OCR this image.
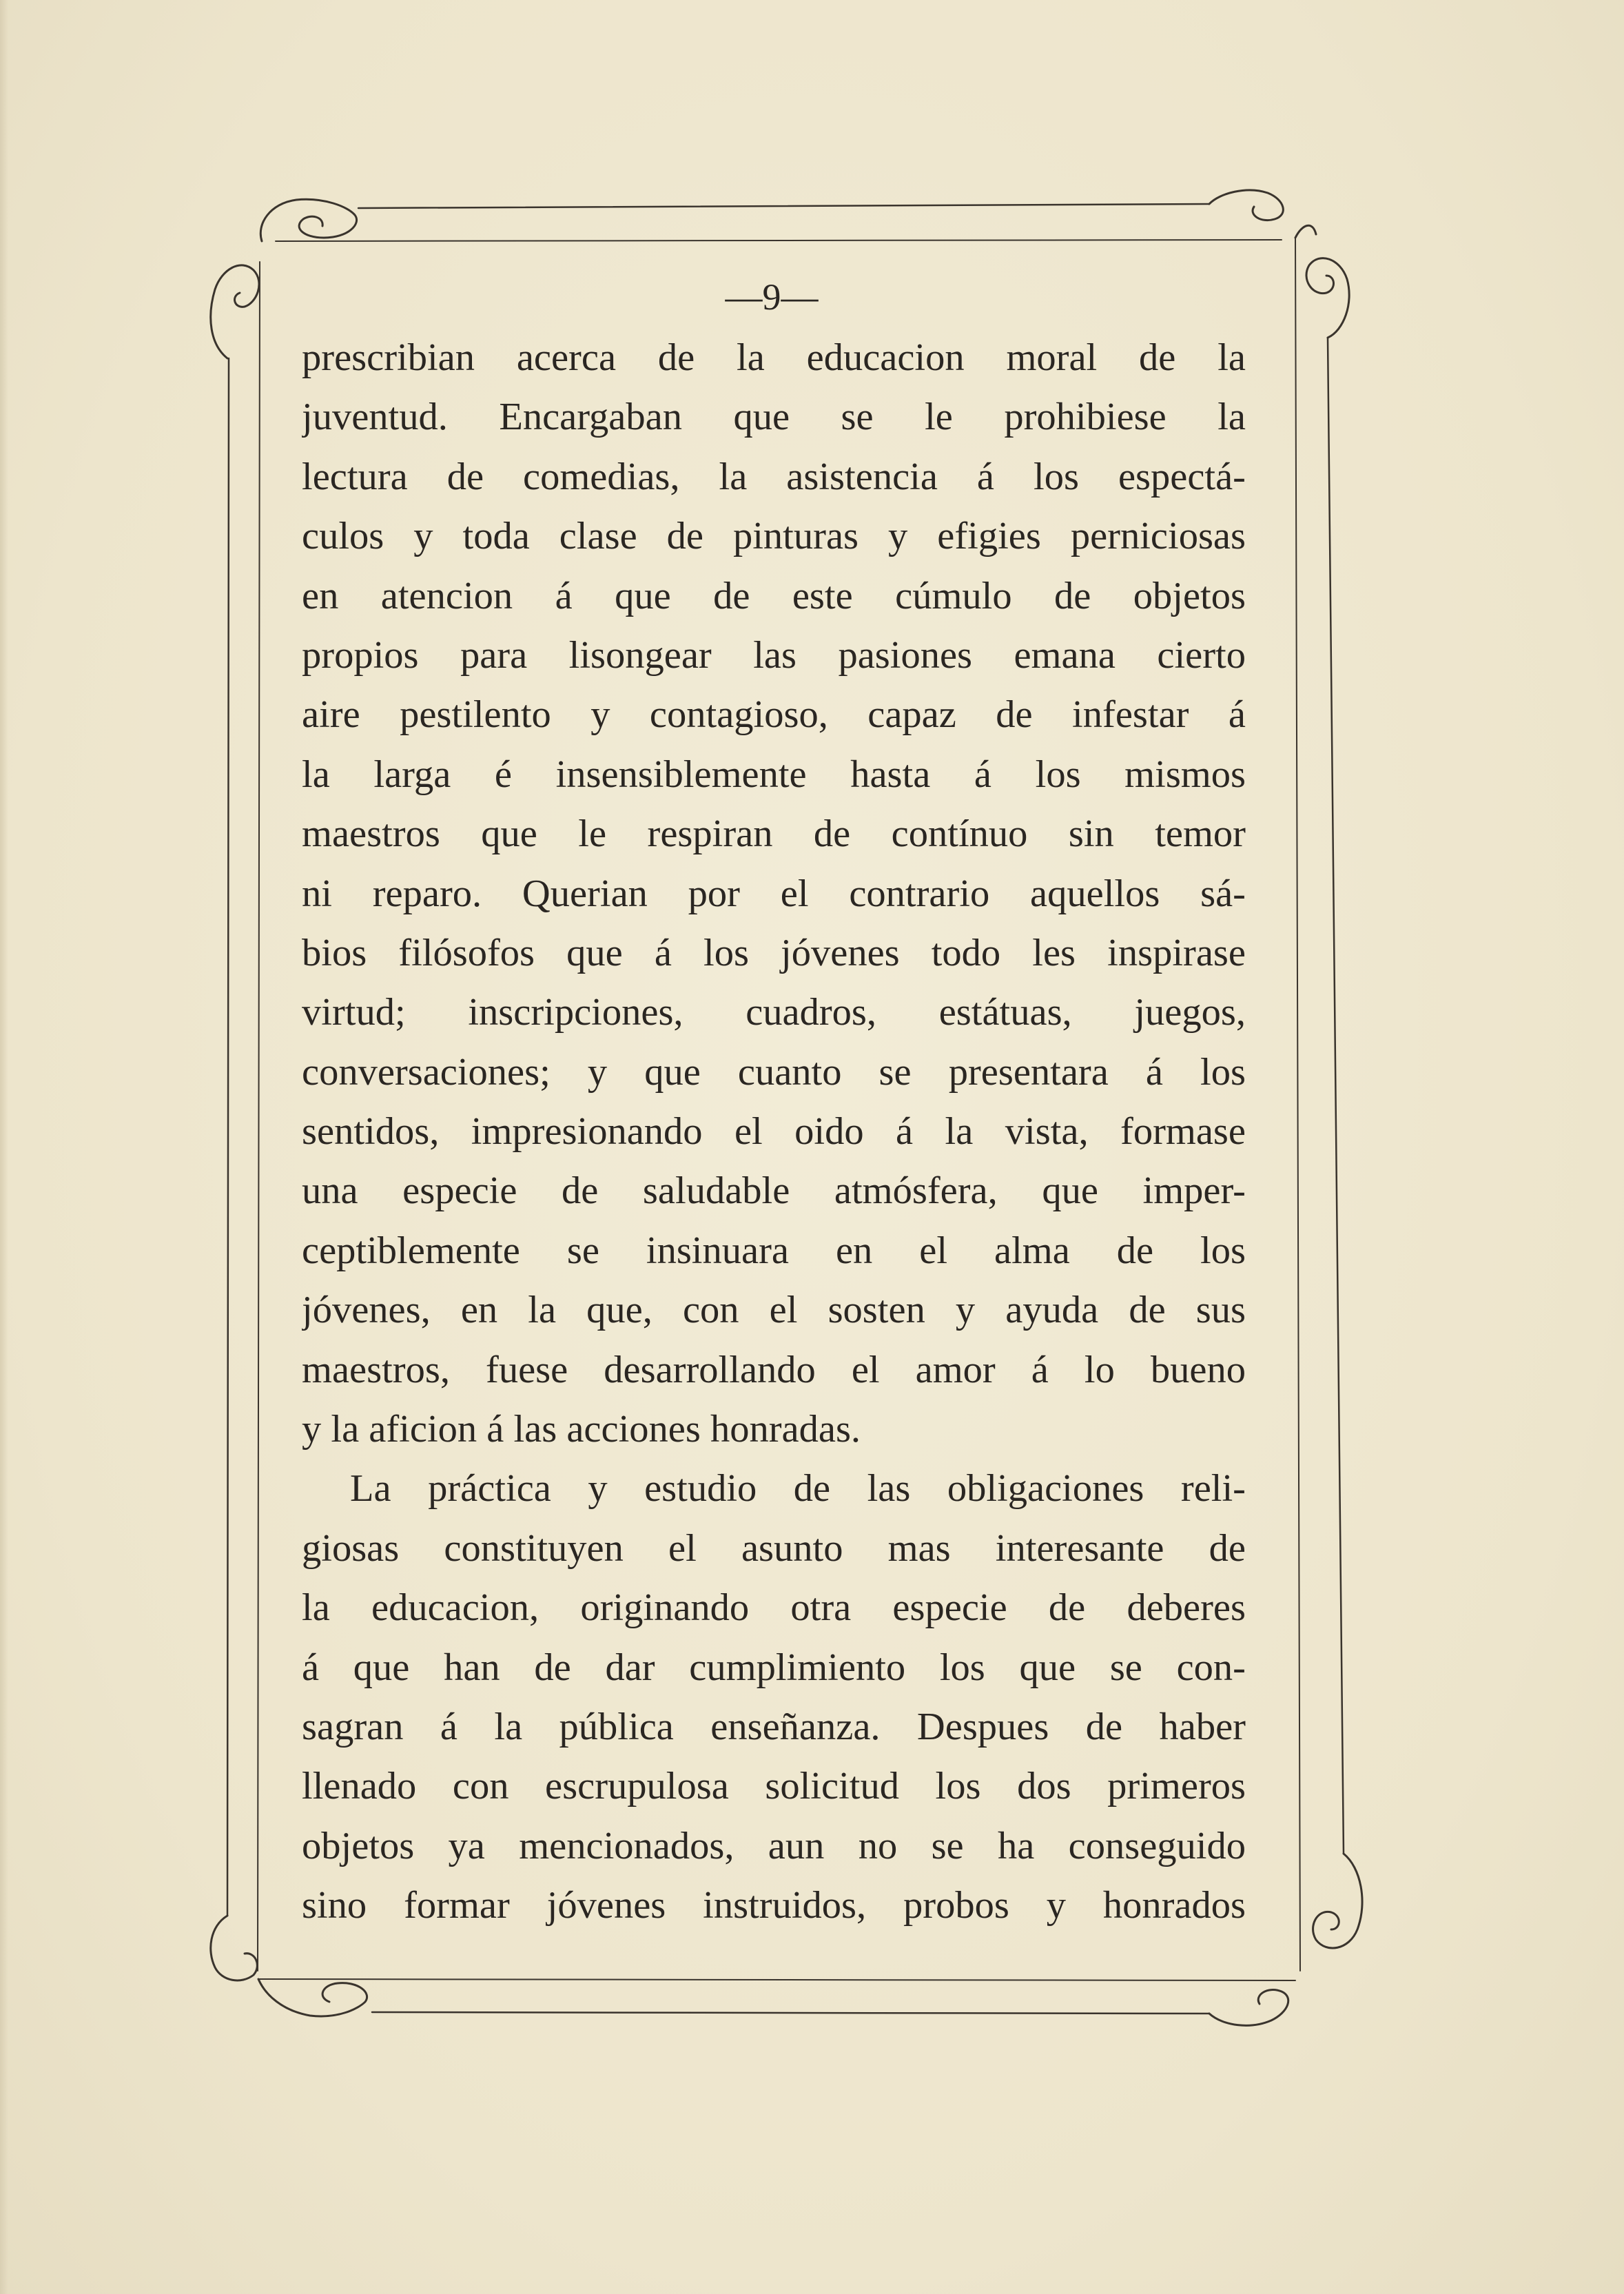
—9—
prescribian acerca de la educacion moral de la
juventud. Encargaban que se le prohibiese la
lectura de comedias, la asistencia á los espectá-
culos y toda clase de pinturas y efigies perniciosas
en atencion á que de este cúmulo de objetos
propios para lisongear las pasiones emana cierto
aire pestilento y contagioso, capaz de infestar á
la larga é insensiblemente hasta á los mismos
maestros que le respiran de contínuo sin temor
ni reparo. Querian por el contrario aquellos sá-
bios filósofos que á los jóvenes todo les inspirase
virtud; inscripciones, cuadros, estátuas, juegos,
conversaciones; y que cuanto se presentara á los
sentidos, impresionando el oido á la vista, formase
una especie de saludable atmósfera, que imper-
ceptiblemente se insinuara en el alma de los
jóvenes, en la que, con el sosten y ayuda de sus
maestros, fuese desarrollando el amor á lo bueno
y la aficion á las acciones honradas.
La práctica y estudio de las obligaciones reli-
giosas constituyen el asunto mas interesante de
la educacion, originando otra especie de deberes
á que han de dar cumplimiento los que se con-
sagran á la pública enseñanza. Despues de haber
llenado con escrupulosa solicitud los dos primeros
objetos ya mencionados, aun no se ha conseguido
sino formar jóvenes instruidos, probos y honrados
